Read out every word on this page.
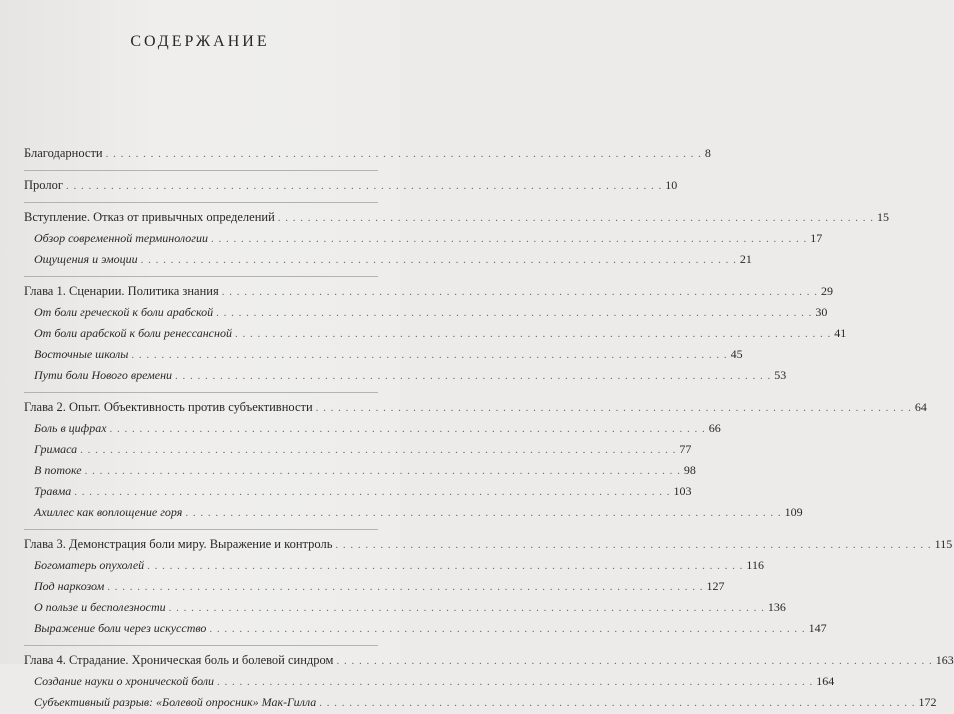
СОДЕРЖАНИЕ
Благодарности . . .	8
Пролог . . .	10
Вступление. Отказ от привычных определений . . .	15
Обзор современной терминологии . . .	17
Ощущения и эмоции . . .	21
Глава 1. Сценарии. Политика знания . . .	29
От боли греческой к боли арабской . . .	30
От боли арабской к боли ренессансной . . .	41
Восточные школы . . .	45
Пути боли Нового времени . . .	53
Глава 2. Опыт. Объективность против субъективности . . .	64
Боль в цифрах . . .	66
Гримаса . . .	77
В потоке . . .	98
Травма . . .	103
Ахиллес как воплощение горя . . .	109
Глава 3. Демонстрация боли миру. Выражение и контроль . . .	115
Богоматерь опухолей . . .	116
Под наркозом . . .	127
О пользе и бесполезности . . .	136
Выражение боли через искусство . . .	147
Глава 4. Страдание. Хроническая боль и болевой синдром . . .	163
Создание науки о хронической боли . . .	164
Субъективный разрыв: «Болевой опросник» Мак-Гилла . . .	172
